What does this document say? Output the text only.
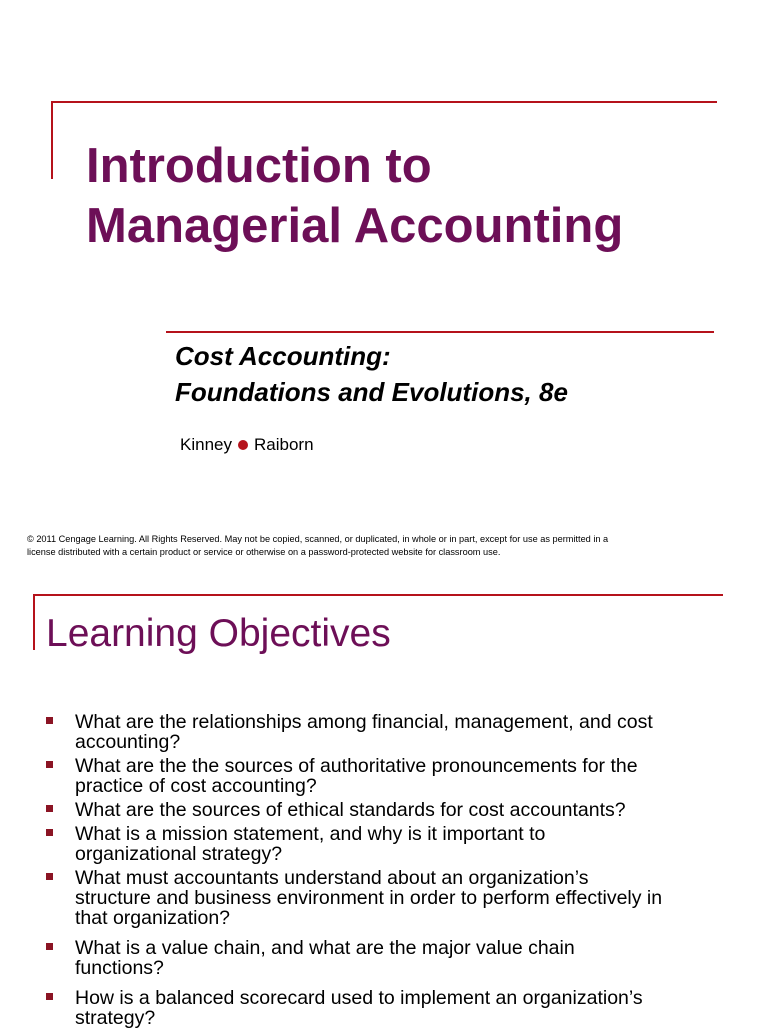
Introduction to
Managerial Accounting
Cost Accounting:
Foundations and Evolutions, 8e
Kinney Raiborn
© 2011 Cengage Learning. All Rights Reserved. May not be copied, scanned, or duplicated, in whole or in part, except for use as permitted in a
license distributed with a certain product or service or otherwise on a password-protected website for classroom use.
Learning Objectives
What are the relationships among financial, management, and cost
accounting?
What are the the sources of authoritative pronouncements for the
practice of cost accounting?
What are the sources of ethical standards for cost accountants?
What is a mission statement, and why is it important to
organizational strategy?
What must accountants understand about an organization’s
structure and business environment in order to perform effectively in
that organization?
What is a value chain, and what are the major value chain
functions?
How is a balanced scorecard used to implement an organization’s
strategy?
